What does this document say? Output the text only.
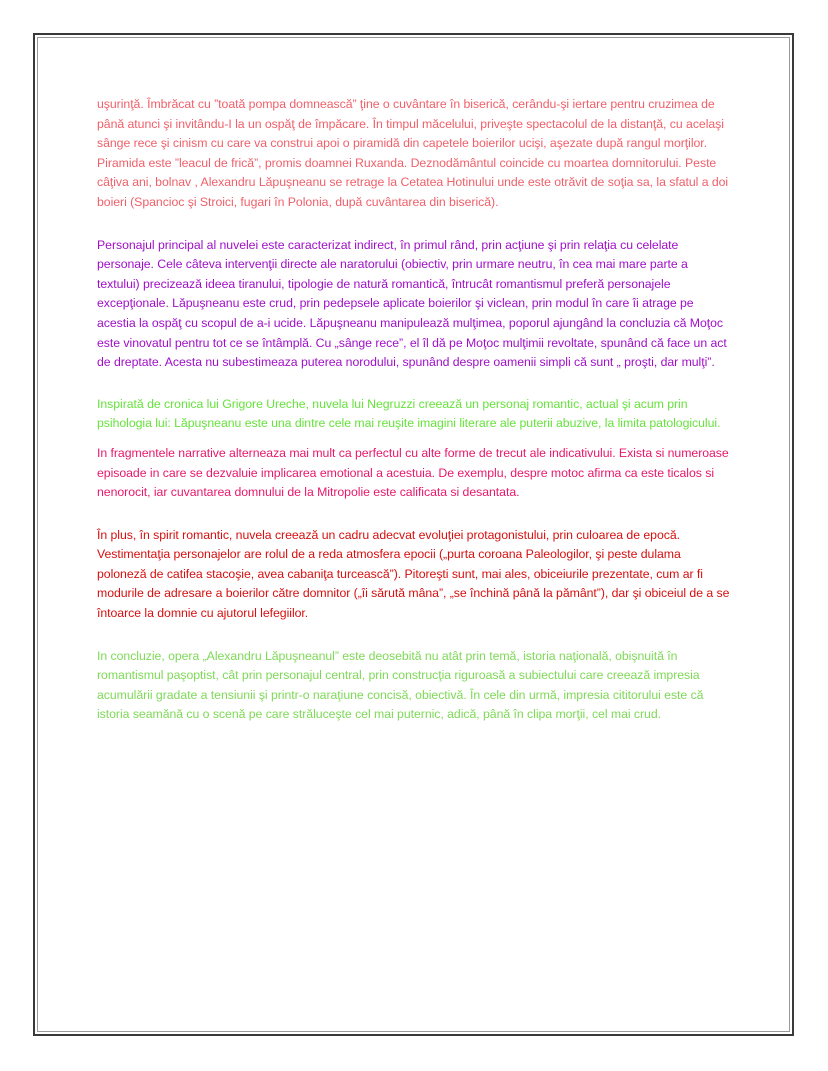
uşurinţă. Îmbrăcat cu ”toată pompa domnească” ţine o cuvântare în biserică, cerându-şi iertare pentru cruzimea de până atunci şi invitându-I la un ospăţ de împăcare. În timpul măcelului, priveşte spectacolul de la distanţă, cu acelaşi sânge rece şi cinism cu care va construi apoi o piramidă din capetele boierilor ucişi, aşezate după rangul morţilor. Piramida este ”leacul de frică”, promis doamnei Ruxanda. Deznodământul coincide cu moartea domnitorului. Peste câţiva ani, bolnav , Alexandru Lăpuşneanu se retrage la Cetatea Hotinului unde este otrăvit de soţia sa, la sfatul a doi boieri (Spancioc şi Stroici, fugari în Polonia, după cuvântarea din biserică).

Personajul principal al nuvelei este caracterizat indirect, în primul rând, prin acţiune şi prin relaţia cu celelate personaje. Cele câteva intervenţii directe ale naratorului (obiectiv, prin urmare neutru, în cea mai mare parte a textului) precizează ideea tiranului, tipologie de natură romantică, întrucât romantismul preferă personajele excepţionale. Lăpuşneanu este crud, prin pedepsele aplicate boierilor şi viclean, prin modul în care îi atrage pe acestia la ospăţ cu scopul de a-i ucide. Lăpuşneanu manipulează mulţimea, poporul ajungând la concluzia că Moţoc este vinovatul pentru tot ce se întâmplă. Cu „sânge rece”, el îl dă pe Moţoc mulţimii revoltate, spunând că face un act de dreptate. Acesta nu subestimeaza puterea norodului, spunând despre oamenii simpli că sunt „ proşti, dar mulţi”.

Inspirată de cronica lui Grigore Ureche, nuvela lui Negruzzi creează un personaj romantic, actual şi acum prin psihologia lui: Lăpuşneanu este una dintre cele mai reuşite imagini literare ale puterii abuzive, la limita patologicului.

In fragmentele narrative alterneaza mai mult ca perfectul cu alte forme de trecut ale indicativului. Exista si numeroase episoade in care se dezvaluie implicarea emotional a acestuia. De exemplu, despre motoc afirma ca este ticalos si nenorocit, iar cuvantarea domnului de la Mitropolie este calificata si desantata.

În plus, în spirit romantic, nuvela creează un cadru adecvat evoluţiei protagonistului, prin culoarea de epocă. Vestimentaţia personajelor are rolul de a reda atmosfera epocii („purta coroana Paleologilor, şi peste dulama poloneză de catifea stacoşie, avea cabaniţa turcească”). Pitoreşti sunt, mai ales, obiceiurile prezentate, cum ar fi modurile de adresare a boierilor către domnitor („îi sărută mâna”, „se închină până la pământ”), dar şi obiceiul de a se întoarce la domnie cu ajutorul lefegiilor.

In concluzie, opera „Alexandru Lăpuşneanul” este deosebită nu atât prin temă, istoria naţională, obişnuită în romantismul paşoptist, cât prin personajul central, prin construcţia riguroasă a subiectului care creează impresia acumulării gradate a tensiunii şi printr-o naraţiune concisă, obiectivă. În cele din urmă, impresia cititorului este că istoria seamănă cu o scenă pe care străluceşte cel mai puternic, adică, până în clipa morţii, cel mai crud.
